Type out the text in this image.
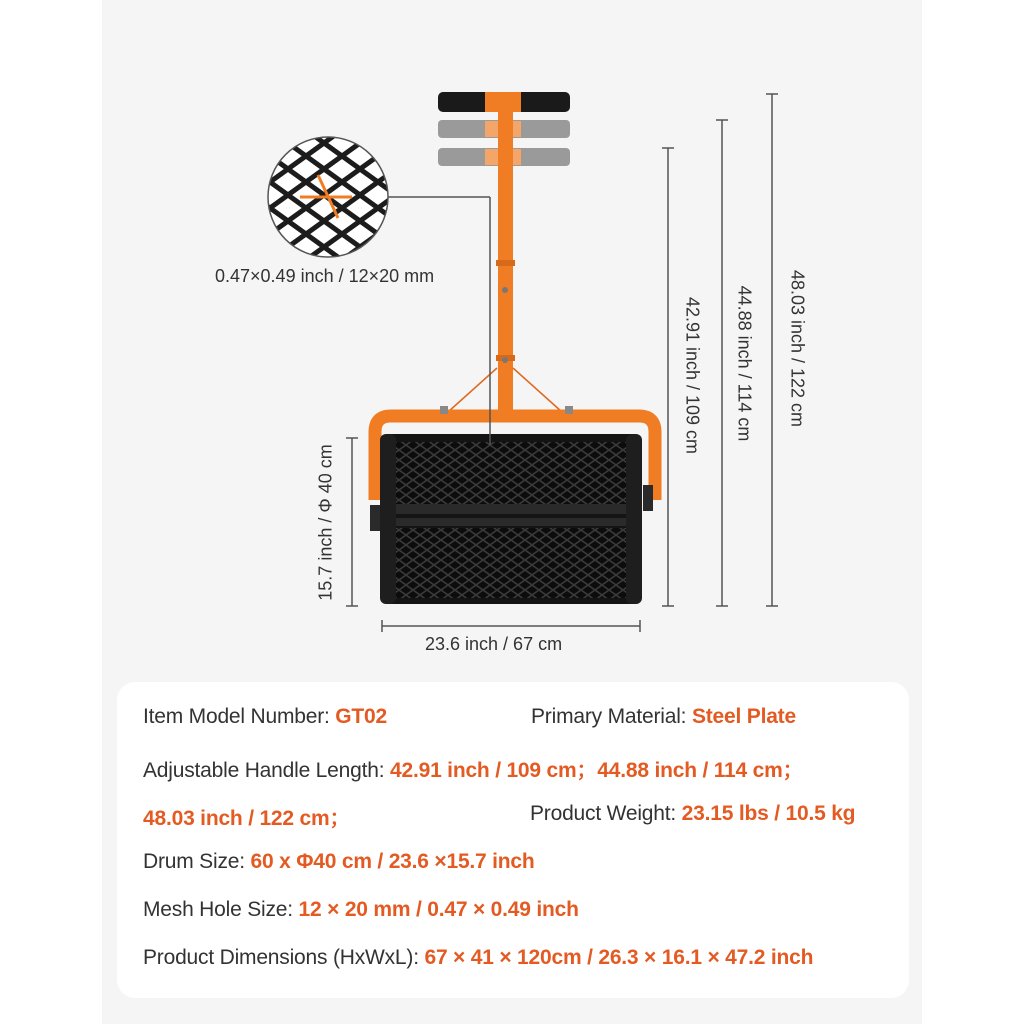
0.47×0.49 inch / 12×20 mm
23.6 inch / 67 cm
15.7 inch / Φ 40 cm
42.91 inch / 109 cm 44.88 inch / 114 cm 48.03 inch / 122 cm
Item Model Number: GT02	Primary Material: Steel Plate
Adjustable Handle Length: 42.91 inch / 109 cm；44.88 inch / 114 cm；
48.03 inch / 122 cm；	Product Weight: 23.15 lbs / 10.5 kg
Drum Size: 60 x Φ40 cm / 23.6 ×15.7 inch
Mesh Hole Size: 12 × 20 mm / 0.47 × 0.49 inch
Product Dimensions (HxWxL): 67 × 41 × 120cm / 26.3 × 16.1 × 47.2 inch
